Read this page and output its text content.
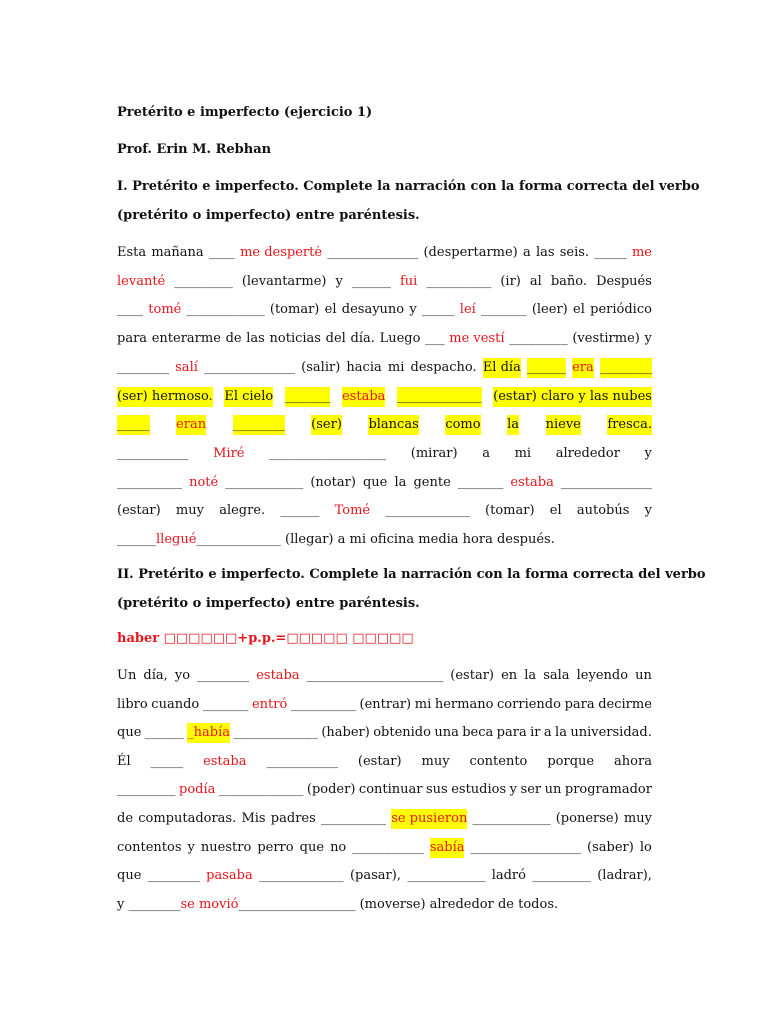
Pretérito e imperfecto (ejercicio 1)
Prof. Erin M. Rebhan
I. Pretérito e imperfecto. Complete la narración con la forma correcta del verbo
(pretérito o imperfecto) entre paréntesis.
Esta mañana ____ me despertė ______________ (despertarme) a las seis. _____ me
levanté _________ (levantarme) y ______ fui __________ (ir) al baño. Después
____ tomé ____________ (tomar) el desayuno y _____ leí _______ (leer) el periódico
para enterarme de las noticias del día. Luego ___ me vestí _________ (vestirme) y
________ salí ______________ (salir) hacia mi despacho. El día ______ era ________
(ser) hermoso. El cielo _______ estaba _____________ (estar) claro y las nubes
_____ eran ________ (ser) blancas como la nieve fresca.
___________ Miré __________________ (mirar) a mi alrededor y
__________ noté ____________ (notar) que la gente _______ estaba ______________
(estar) muy alegre. ______ Tomé _____________ (tomar) el autobús y
______llegué_____________ (llegar) a mi oficina media hora después.
II. Pretérito e imperfecto. Complete la narración con la forma correcta del verbo
(pretérito o imperfecto) entre paréntesis.
haber □□□□□□+p.p.=□□□□□ □□□□□
Un día, yo ________ estaba _____________________ (estar) en la sala leyendo un
libro cuando _______ entró __________ (entrar) mi hermano corriendo para decirme
que ______ _había _____________ (haber) obtenido una beca para ir a la universidad.
Él _____ estaba ___________ (estar) muy contento porque ahora
_________ podía _____________ (poder) continuar sus estudios y ser un programador
de computadoras. Mis padres __________ se pusieron ____________ (ponerse) muy
contentos y nuestro perro que no ___________ sabía _________________ (saber) lo
que ________ pasaba _____________ (pasar), ____________ ladró _________ (ladrar),
y ________se movió__________________ (moverse) alrededor de todos.
